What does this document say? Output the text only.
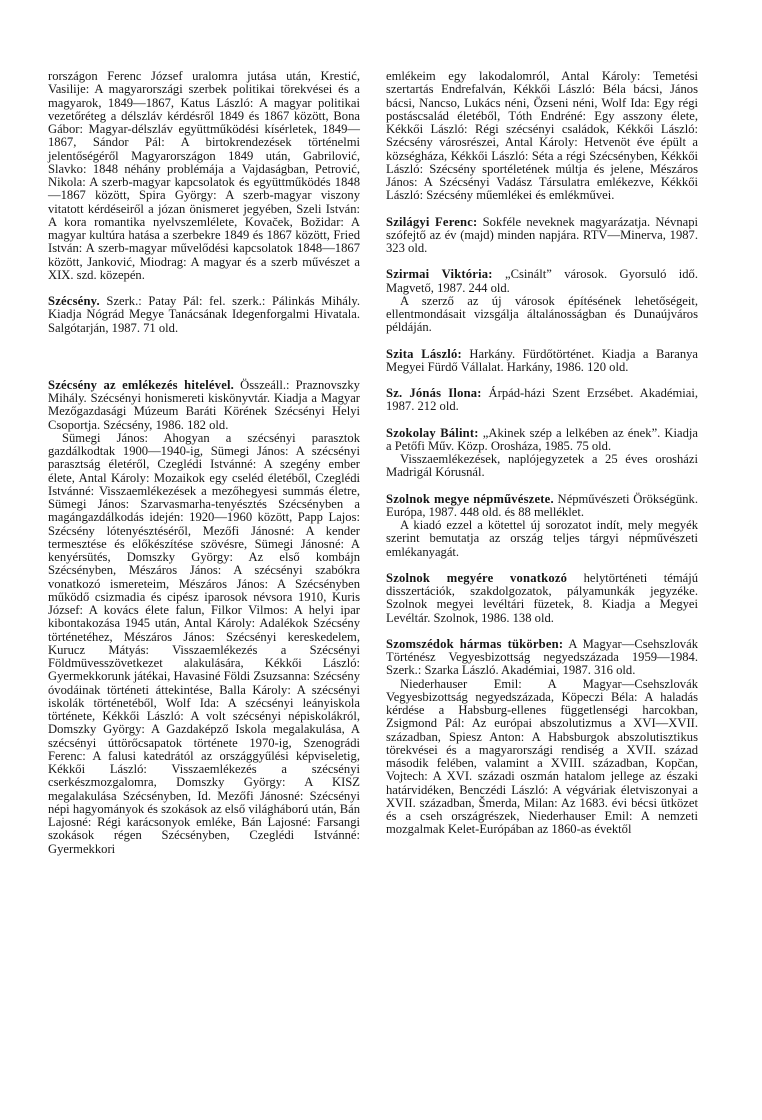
rországon Ferenc József uralomra jutása után, Krestić, Vasilije: A magyarországi szerbek politikai törekvései és a magyarok, 1849—1867, Katus László: A magyar politikai vezetőréteg a délszláv kérdésről 1849 és 1867 között, Bona Gábor: Magyar-délszláv együttműködési kísérletek, 1849—1867, Sándor Pál: A birtokrendezések történelmi jelentőségéről Magyarországon 1849 után, Gabrilović, Slavko: 1848 néhány problémája a Vajdaságban, Petrović, Nikola: A szerb-magyar kapcsolatok és együttműködés 1848—1867 között, Spira György: A szerb-magyar viszony vitatott kérdéseiről a józan önismeret jegyében, Szeli István: A kora romantika nyelvszemlélete, Kovaček, Božidar: A magyar kultúra hatása a szerbekre 1849 és 1867 között, Fried István: A szerb-magyar művelődési kapcsolatok 1848—1867 között, Janković, Miodrag: A magyar és a szerb művészet a XIX. szd. közepén.

Szécsény. Szerk.: Patay Pál: fel. szerk.: Pálinkás Mihály. Kiadja Nógrád Megye Tanácsának Idegenforgalmi Hivatala. Salgótarján, 1987. 71 old.

Szécsény az emlékezés hitelével. Összeáll.: Praznovszky Mihály. Szécsényi honismereti kiskönyvtár. Kiadja a Magyar Mezőgazdasági Múzeum Baráti Körének Szécsényi Helyi Csoportja. Szécsény, 1986. 182 old.

Sümegi János: Ahogyan a szécsényi parasztok gazdálkodtak 1900—1940-ig, Sümegi János: A szécsényi parasztság életéről, Czeglédi Istvánné: A szegény ember élete, Antal Károly: Mozaikok egy cseléd életéből, Czeglédi Istvánné: Visszaemlékezések a mezőhegyesi summás életre, Sümegi János: Szarvasmarha-tenyésztés Szécsényben a magángazdálkodás idején: 1920—1960 között, Papp Lajos: Szécsény lótenyésztéséről, Mezőfi Jánosné: A kender termesztése és előkészítése szövésre, Sümegi Jánosné: A kenyérsütés, Domszky György: Az első kombájn Szécsényben, Mészáros János: A szécsényi szabókra vonatkozó ismereteim, Mészáros János: A Szécsényben működő csizmadia és cipész iparosok névsora 1910, Kuris József: A kovács élete falun, Filkor Vilmos: A helyi ipar kibontakozása 1945 után, Antal Károly: Adalékok Szécsény történetéhez, Mészáros János: Szécsényi kereskedelem, Kurucz Mátyás: Visszaemlékezés a Szécsényi Földmüvesszövetkezet alakulására, Kékkői László: Gyermekkorunk játékai, Havasiné Földi Zsuzsanna: Szécsény óvodáinak történeti áttekintése, Balla Károly: A szécsényi iskolák történetéből, Wolf Ida: A szécsényi leányiskola története, Kékkői László: A volt szécsényi népiskolákról, Domszky György: A Gazdaképző Iskola megalakulása, A szécsényi úttörőcsapatok története 1970-ig, Szenográdi Ferenc: A falusi katedrától az országgyűlési képviseletig, Kékkői László: Visszaemlékezés a szécsényi cserkészmozgalomra, Domszky György: A KISZ megalakulása Szécsényben, Id. Mezőfi Jánosné: Szécsényi népi hagyományok és szokások az első világháború után, Bán Lajosné: Régi karácsonyok emléke, Bán Lajosné: Farsangi szokások régen Szécsényben, Czeglédi Istvánné: Gyermekkori

emlékeim egy lakodalomról, Antal Károly: Temetési szertartás Endrefalván, Kékkői László: Béla bácsi, János bácsi, Nancso, Lukács néni, Özseni néni, Wolf Ida: Egy régi postáscsalád életéből, Tóth Endréné: Egy asszony élete, Kékkői László: Régi szécsényi családok, Kékkői László: Szécsény városrészei, Antal Károly: Hetvenöt éve épült a községháza, Kékkői László: Séta a régi Szécsényben, Kékkői László: Szécsény sportéletének múltja és jelene, Mészáros János: A Szécsényi Vadász Társulatra emlékezve, Kékkői László: Szécsény műemlékei és emlékművei.

Szilágyi Ferenc: Sokféle neveknek magyarázatja. Névnapi szófejtő az év (majd) minden napjára. RTV—Minerva, 1987. 323 old.

Szirmai Viktória: „Csinált” városok. Gyorsuló idő. Magvető, 1987. 244 old.

A szerző az új városok építésének lehetőségeit, ellentmondásait vizsgálja általánosságban és Dunaújváros példáján.

Szita László: Harkány. Fürdőtörténet. Kiadja a Baranya Megyei Fürdő Vállalat. Harkány, 1986. 120 old.

Sz. Jónás Ilona: Árpád-házi Szent Erzsébet. Akadémiai, 1987. 212 old.

Szokolay Bálint: „Akinek szép a lelkében az ének”. Kiadja a Petőfi Műv. Közp. Orosháza, 1985. 75 old.

Visszaemlékezések, naplójegyzetek a 25 éves orosházi Madrigál Kórusnál.

Szolnok megye népművészete. Népművészeti Örökségünk. Európa, 1987. 448 old. és 88 melléklet.

A kiadó ezzel a kötettel új sorozatot indít, mely megyék szerint bemutatja az ország teljes tárgyi népművészeti emlékanyagát.

Szolnok megyére vonatkozó helytörténeti témájú disszertációk, szakdolgozatok, pályamunkák jegyzéke. Szolnok megyei levéltári füzetek, 8. Kiadja a Megyei Levéltár. Szolnok, 1986. 138 old.

Szomszédok hármas tükörben: A Magyar—Csehszlovák Történész Vegyesbizottság negyedszázada 1959—1984. Szerk.: Szarka László. Akadémiai, 1987. 316 old.

Niederhauser Emil: A Magyar—Csehszlovák Vegyesbizottság negyedszázada, Köpeczi Béla: A haladás kérdése a Habsburg-ellenes függetlenségi harcokban, Zsigmond Pál: Az európai abszolutizmus a XVI—XVII. században, Spiesz Anton: A Habsburgok abszolutisztikus törekvései és a magyarországi rendiség a XVII. század második felében, valamint a XVIII. században, Kopčan, Vojtech: A XVI. századi oszmán hatalom jellege az északi határvidéken, Benczédi László: A végváriak életviszonyai a XVII. században, Šmerda, Milan: Az 1683. évi bécsi ütközet és a cseh országrészek, Niederhauser Emil: A nemzeti mozgalmak Kelet-Európában az 1860-as évektől
